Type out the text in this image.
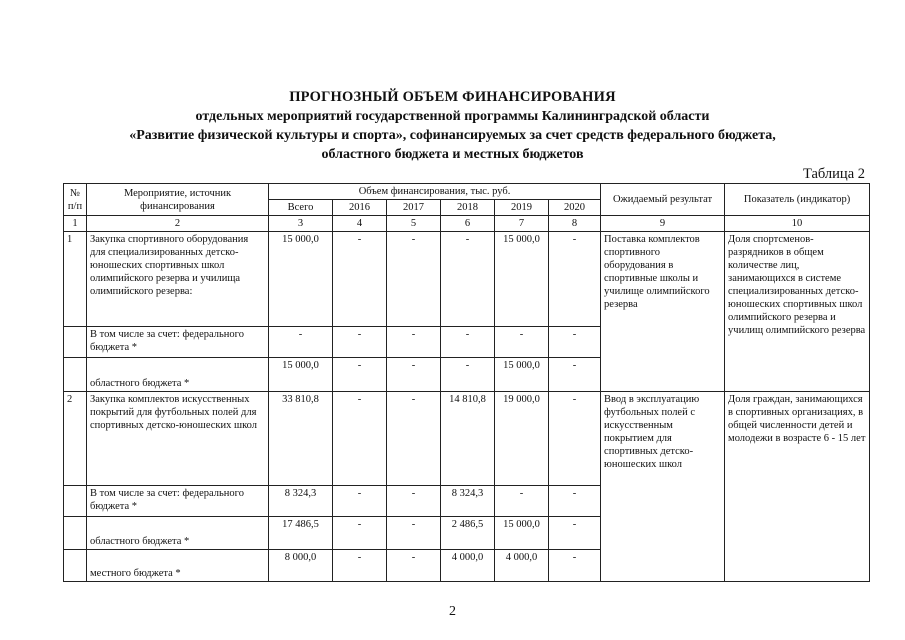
ПРОГНОЗНЫЙ ОБЪЕМ ФИНАНСИРОВАНИЯ
отдельных мероприятий государственной программы Калининградской области
«Развитие физической культуры и спорта», софинансируемых за счет средств федерального бюджета,
областного бюджета и местных бюджетов
Таблица 2
№ п/п	Мероприятие, источник финансирования	Объем финансирования, тыс. руб.						Ожидаемый результат	Показатель (индикатор)
		Всего	2016	2017	2018	2019	2020		
1	2	3	4	5	6	7	8	9	10
1	Закупка спортивного оборудования для специализированных детско-юношеских спортивных школ олимпийского резерва и училища олимпийского резерва:	15 000,0	-	-	-	15 000,0	-	Поставка комплектов спортивного оборудования в спортивные школы и училище олимпийского резерва	Доля спортсменов-разрядников в общем количестве лиц, занимающихся в системе специализированных детско-юношеских спортивных школ олимпийского резерва и училищ олимпийского резерва
	В том числе за счет: федерального бюджета *	-	-	-	-	-	-		
	областного бюджета *	15 000,0	-	-	-	15 000,0	-		
2	Закупка комплектов искусственных покрытий для футбольных полей для спортивных детско-юношеских школ	33 810,8	-	-	14 810,8	19 000,0	-	Ввод в эксплуатацию футбольных полей с искусственным покрытием для спортивных детско-юношеских школ	Доля граждан, занимающихся в спортивных организациях, в общей численности детей и молодежи в возрасте 6 - 15 лет
	В том числе за счет: федерального бюджета *	8 324,3	-	-	8 324,3	-	-		
	областного бюджета *	17 486,5	-	-	2 486,5	15 000,0	-		
	местного бюджета *	8 000,0	-	-	4 000,0	4 000,0	-		
2
